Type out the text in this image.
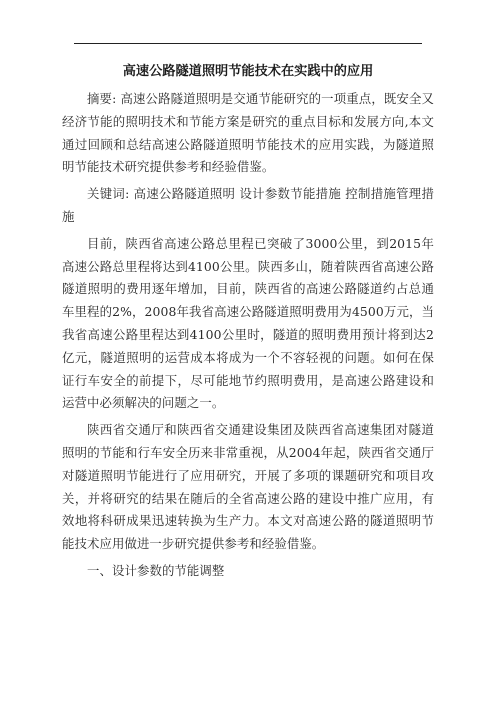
高速公路隧道照明节能技术在实践中的应用

摘要: 高速公路隧道照明是交通节能研究的一项重点，既安全又经济节能的照明技术和节能方案是研究的重点目标和发展方向,本文通过回顾和总结高速公路隧道照明节能技术的应用实践，为隧道照明节能技术研究提供参考和经验借鉴。

关键词: 高速公路隧道照明 设计参数节能措施 控制措施管理措施

目前，陕西省高速公路总里程已突破了3000公里，到2015年高速公路总里程将达到4100公里。陕西多山，随着陕西省高速公路隧道照明的费用逐年增加，目前，陕西省的高速公路隧道约占总通车里程的2%，2008年我省高速公路隧道照明费用为4500万元，当我省高速公路里程达到4100公里时，隧道的照明费用预计将到达2亿元，隧道照明的运营成本将成为一个不容轻视的问题。如何在保证行车安全的前提下，尽可能地节约照明费用，是高速公路建设和运营中必须解决的问题之一。

陕西省交通厅和陕西省交通建设集团及陕西省高速集团对隧道照明的节能和行车安全历来非常重视，从2004年起，陕西省交通厅对隧道照明节能进行了应用研究，开展了多项的课题研究和项目攻关，并将研究的结果在随后的全省高速公路的建设中推广应用，有效地将科研成果迅速转换为生产力。本文对高速公路的隧道照明节能技术应用做进一步研究提供参考和经验借鉴。

一、设计参数的节能调整
